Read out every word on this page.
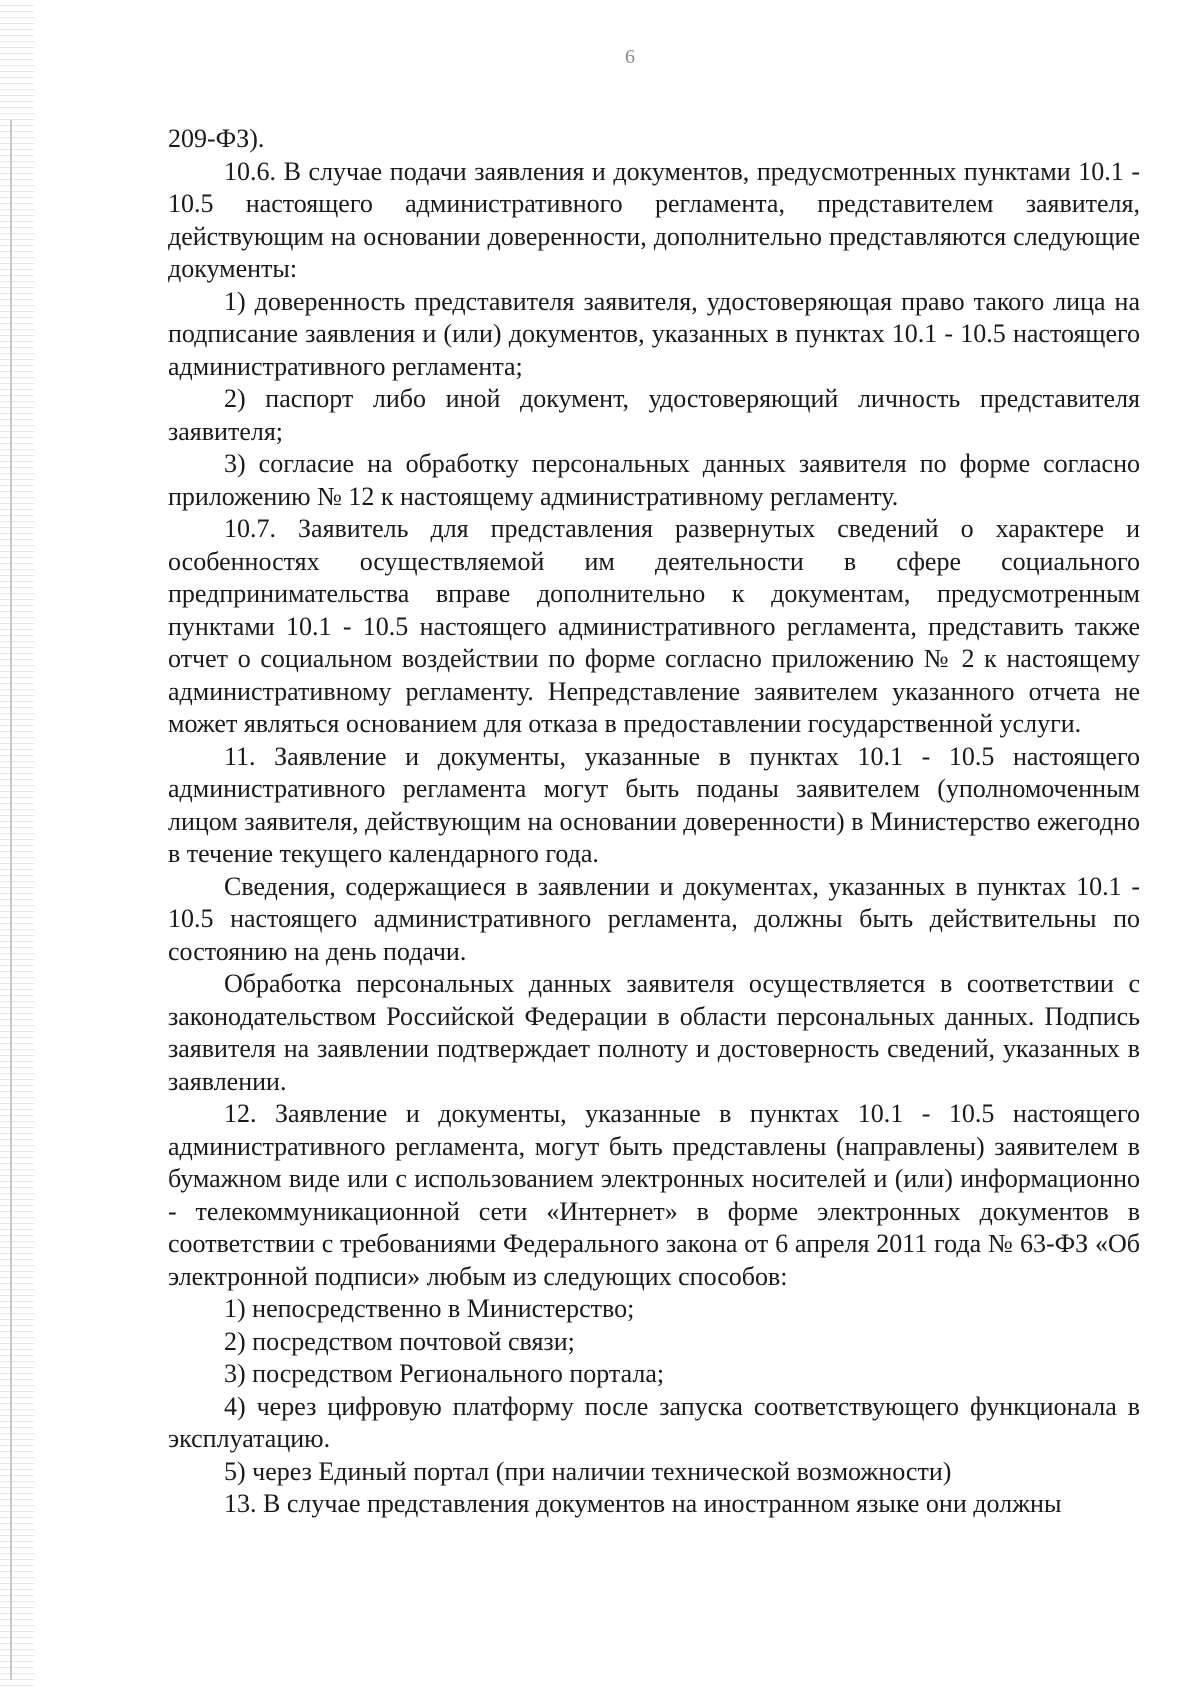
6

209-ФЗ).

10.6. В случае подачи заявления и документов, предусмотренных пунктами 10.1 - 10.5 настоящего административного регламента, представителем заявителя, действующим на основании доверенности, дополнительно представляются следующие документы:

1) доверенность представителя заявителя, удостоверяющая право такого лица на подписание заявления и (или) документов, указанных в пунктах 10.1 - 10.5 настоящего административного регламента;

2) паспорт либо иной документ, удостоверяющий личность представителя заявителя;

3) согласие на обработку персональных данных заявителя по форме согласно приложению № 12 к настоящему административному регламенту.

10.7. Заявитель для представления развернутых сведений о характере и особенностях осуществляемой им деятельности в сфере социального предпринимательства вправе дополнительно к документам, предусмотренным пунктами 10.1 - 10.5 настоящего административного регламента, представить также отчет о социальном воздействии по форме согласно приложению № 2 к настоящему административному регламенту. Непредставление заявителем указанного отчета не может являться основанием для отказа в предоставлении государственной услуги.

11. Заявление и документы, указанные в пунктах 10.1 - 10.5 настоящего административного регламента могут быть поданы заявителем (уполномоченным лицом заявителя, действующим на основании доверенности) в Министерство ежегодно в течение текущего календарного года.

Сведения, содержащиеся в заявлении и документах, указанных в пунктах 10.1 - 10.5 настоящего административного регламента, должны быть действительны по состоянию на день подачи.

Обработка персональных данных заявителя осуществляется в соответствии с законодательством Российской Федерации в области персональных данных. Подпись заявителя на заявлении подтверждает полноту и достоверность сведений, указанных в заявлении.

12. Заявление и документы, указанные в пунктах 10.1 - 10.5 настоящего административного регламента, могут быть представлены (направлены) заявителем в бумажном виде или с использованием электронных носителей и (или) информационно - телекоммуникационной сети «Интернет» в форме электронных документов в соответствии с требованиями Федерального закона от 6 апреля 2011 года № 63-ФЗ «Об электронной подписи» любым из следующих способов:

1) непосредственно в Министерство;

2) посредством почтовой связи;

3) посредством Регионального портала;

4) через цифровую платформу после запуска соответствующего функционала в эксплуатацию.

5) через Единый портал (при наличии технической возможности)

13. В случае представления документов на иностранном языке они должны
